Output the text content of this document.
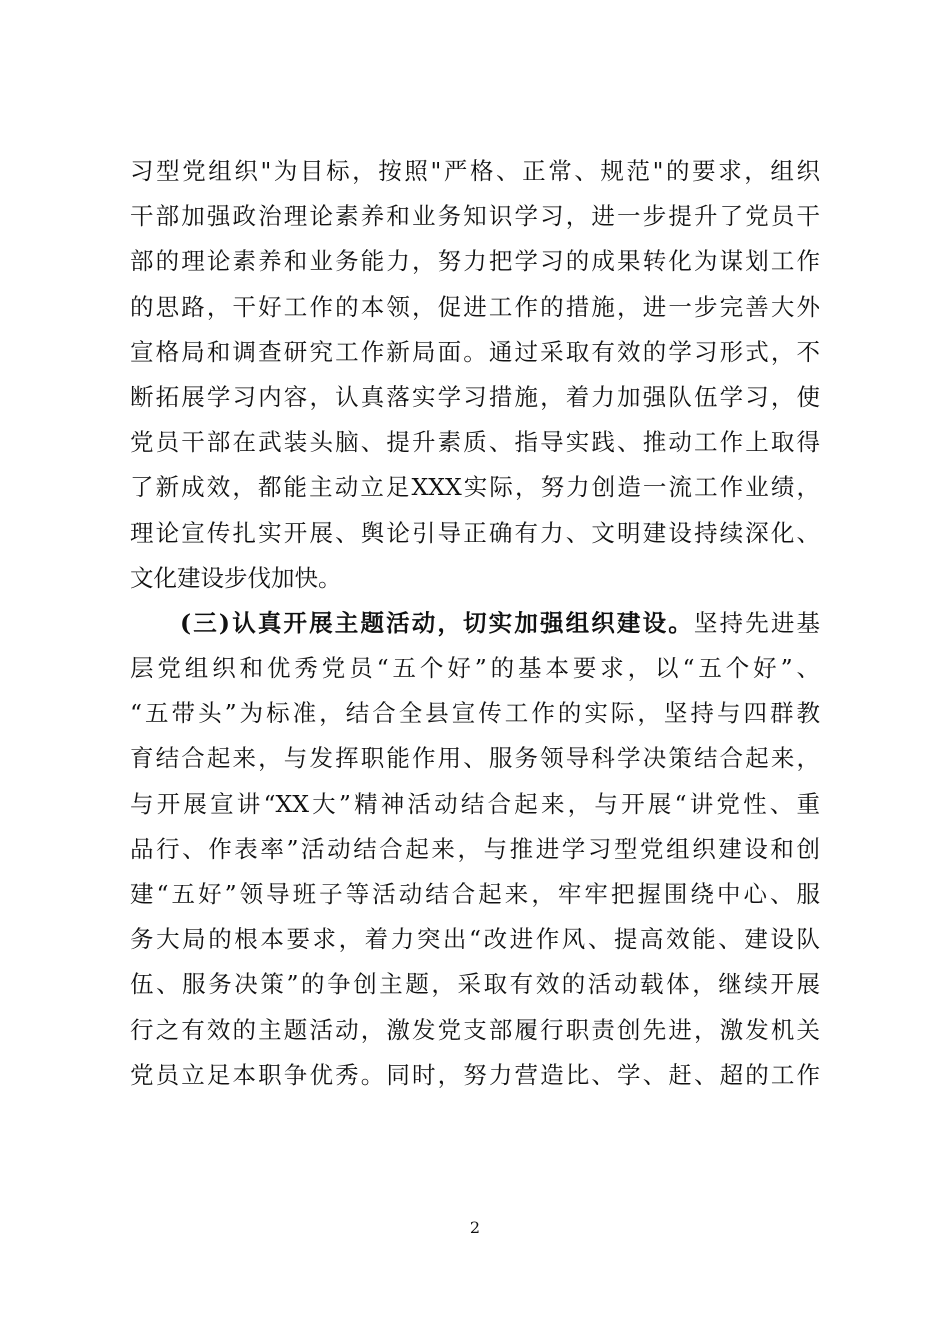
习型党组织"为目标，按照"严格、正常、规范"的要求，组织
干部加强政治理论素养和业务知识学习，进一步提升了党员干
部的理论素养和业务能力，努力把学习的成果转化为谋划工作
的思路，干好工作的本领，促进工作的措施，进一步完善大外
宣格局和调查研究工作新局面。通过采取有效的学习形式，不
断拓展学习内容，认真落实学习措施，着力加强队伍学习，使
党员干部在武装头脑、提升素质、指导实践、推动工作上取得
了新成效，都能主动立足XXX实际，努力创造一流工作业绩，
理论宣传扎实开展、舆论引导正确有力、文明建设持续深化、
文化建设步伐加快。
(三)认真开展主题活动，切实加强组织建设。坚持先进基
层党组织和优秀党员“五个好”的基本要求，以“五个好”、
“五带头”为标准，结合全县宣传工作的实际，坚持与四群教
育结合起来，与发挥职能作用、服务领导科学决策结合起来，
与开展宣讲“XX大”精神活动结合起来，与开展“讲党性、重
品行、作表率”活动结合起来，与推进学习型党组织建设和创
建“五好”领导班子等活动结合起来，牢牢把握围绕中心、服
务大局的根本要求，着力突出“改进作风、提高效能、建设队
伍、服务决策”的争创主题，采取有效的活动载体，继续开展
行之有效的主题活动，激发党支部履行职责创先进，激发机关
党员立足本职争优秀。同时，努力营造比、学、赶、超的工作
2
